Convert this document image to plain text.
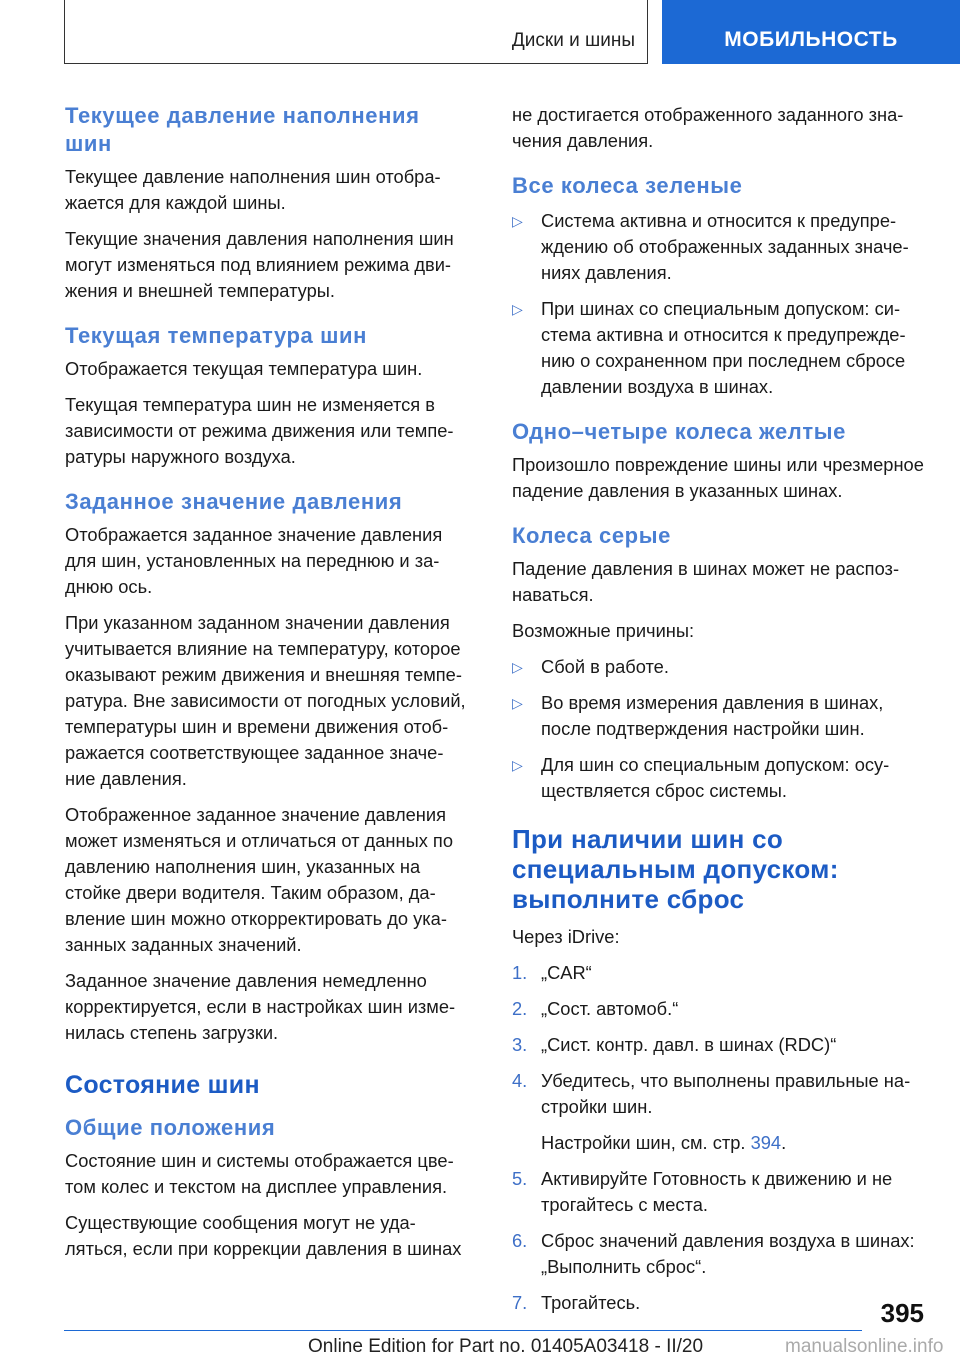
Диски и шины	МОБИЛЬНОСТЬ
Текущее давление наполнения шин

Текущее давление наполнения шин отображается для каждой шины.

Текущие значения давления наполнения шин могут изменяться под влиянием режима движения и внешней температуры.

Текущая температура шин

Отображается текущая температура шин.

Текущая температура шин не изменяется в зависимости от режима движения или температуры наружного воздуха.

Заданное значение давления

Отображается заданное значение давления для шин, установленных на переднюю и заднюю ось.

При указанном заданном значении давления учитывается влияние на температуру, которое оказывают режим движения и внешняя температура. Вне зависимости от погодных условий, температуры шин и времени движения отображается соответствующее заданное значение давления.

Отображенное заданное значение давления может изменяться и отличаться от данных по давлению наполнения шин, указанных на стойке двери водителя. Таким образом, давление шин можно откорректировать до указанных заданных значений.

Заданное значение давления немедленно корректируется, если в настройках шин изменилась степень загрузки.

Состояние шин
Общие положения

Состояние шин и системы отображается цветом колес и текстом на дисплее управления.

Существующие сообщения могут не удаляться, если при коррекции давления в шинах

не достигается отображенного заданного значения давления.

Все колеса зеленые
▷ Система активна и относится к предупреждению об отображенных заданных значениях давления.
▷ При шинах со специальным допуском: система активна и относится к предупреждению о сохраненном при последнем сбросе давлении воздуха в шинах.
Одно–четыре колеса желтые

Произошло повреждение шины или чрезмерное падение давления в указанных шинах.

Колеса серые

Падение давления в шинах может не распознаваться.

Возможные причины:

▷ Сбой в работе.
▷ Во время измерения давления в шинах, после подтверждения настройки шин.
▷ Для шин со специальным допуском: осуществляется сброс системы.
При наличии шин со специальным допуском: выполните сброс

Через iDrive:

1. „CAR“
2. „Сост. автомоб.“
3. „Сист. контр. давл. в шинах (RDC)“
4. Убедитесь, что выполнены правильные настройки шин.
Настройки шин, см. стр. 394.
5. Активируйте Готовность к движению и не трогайтесь с места.
6. Сброс значений давления воздуха в шинах: „Выполнить сброс“.
7. Трогайтесь.	395
Online Edition for Part no. 01405A03418 - II/20	manualsonline.info
